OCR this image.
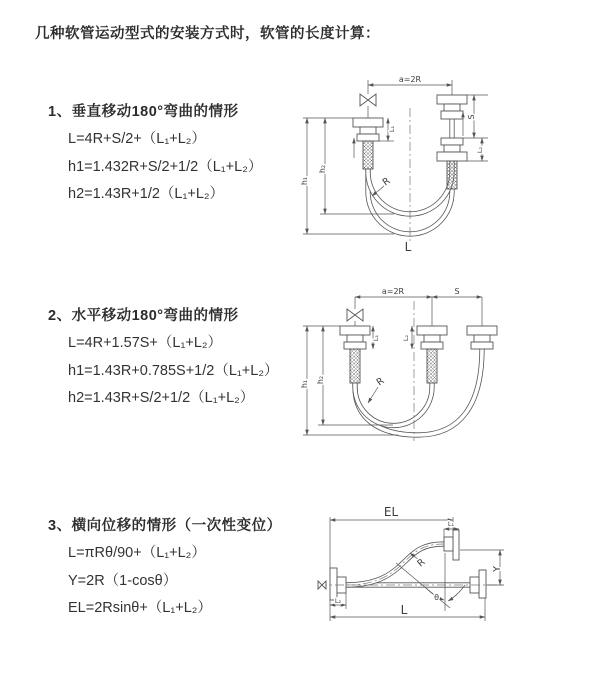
几种软管运动型式的安装方式时，软管的长度计算：
1、垂直移动180°弯曲的情形
L=4R+S/2+（L₁+L₂）
h1=1.432R+S/2+1/2（L₁+L₂）
h2=1.43R+1/2（L₁+L₂）
2、水平移动180°弯曲的情形
L=4R+1.57S+（L₁+L₂）
h1=1.43R+0.785S+1/2（L₁+L₂）
h2=1.43R+S/2+1/2（L₁+L₂）
3、横向位移的情形（一次性变位）
L=πRθ/90+（L₁+L₂）
Y=2R（1-cosθ）
EL=2Rsinθ+（L₁+L₂）
a=2R
h₁
h₂
S
L₂
L₁
R
L
a=2R	S
h₁ h₂
L₁	L₂
R
EL
L₁
Y
R
θ
L
L₂
